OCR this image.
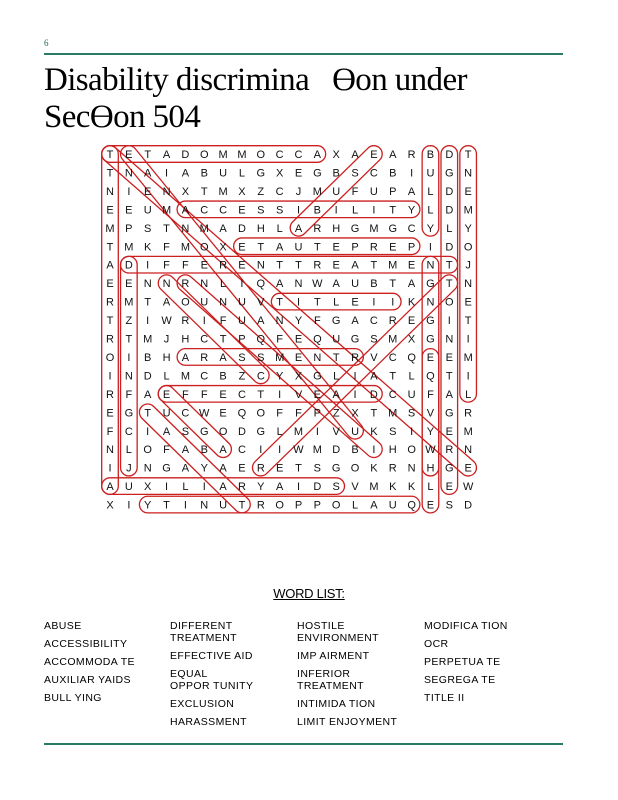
6
Disability discrimina   ϴon under
Secϴon 504
T E T A D O M M O C C A X A E A R B D T
T N A I A B U L G X E G B S C B I U G N
N I E N X T M X Z C J M U F U P A L D E
E E U M A C C E S S I B I L I T Y L D M
M P S T N M A D H L A R H G M G C Y L Y
T M K F M O X E T A U T E P R E P I D O
A D I F F E R E N T T R E A T M E N T J
E E N N R N L I Q A N W A U B T A G T N
R M T A O U N U V T I T L E I I K N O E
T Z I W R I F U A N Y F G A C R E G I T
R T M J H C T P Q F E Q U G S M X G N I
O I B H A R A S S M E N T R V C Q E E M
I N D L M C B Z C Y X G L I A T L Q T I
R F A E F F E C T I V E A I D C U F A L
E G T U C W E Q O F F P Z X T M S V G R
F C I A S G O D G L M I V U K S I Y E M
N L O F A B A C I I W M D B I H O W R N
I J N G A Y A E R E T S G O K R N H G E
A U X I L I A R Y A I D S V M K K L E W
X I Y T I N U T R O P P O L A U Q E S D
WORD LIST:
ABUSE
ACCESSIBILITY
ACCOMMODA TE
AUXILIAR YAIDS
BULL YING
DIFFERENT
TREATMENT
EFFECTIVE AID
EQUAL
OPPOR TUNITY
EXCLUSION
HARASSMENT
HOSTILE
ENVIRONMENT
IMP AIRMENT
INFERIOR
TREATMENT
INTIMIDA TION
LIMIT ENJOYMENT
MODIFICA TION
OCR
PERPETUA TE
SEGREGA TE
TITLE II
